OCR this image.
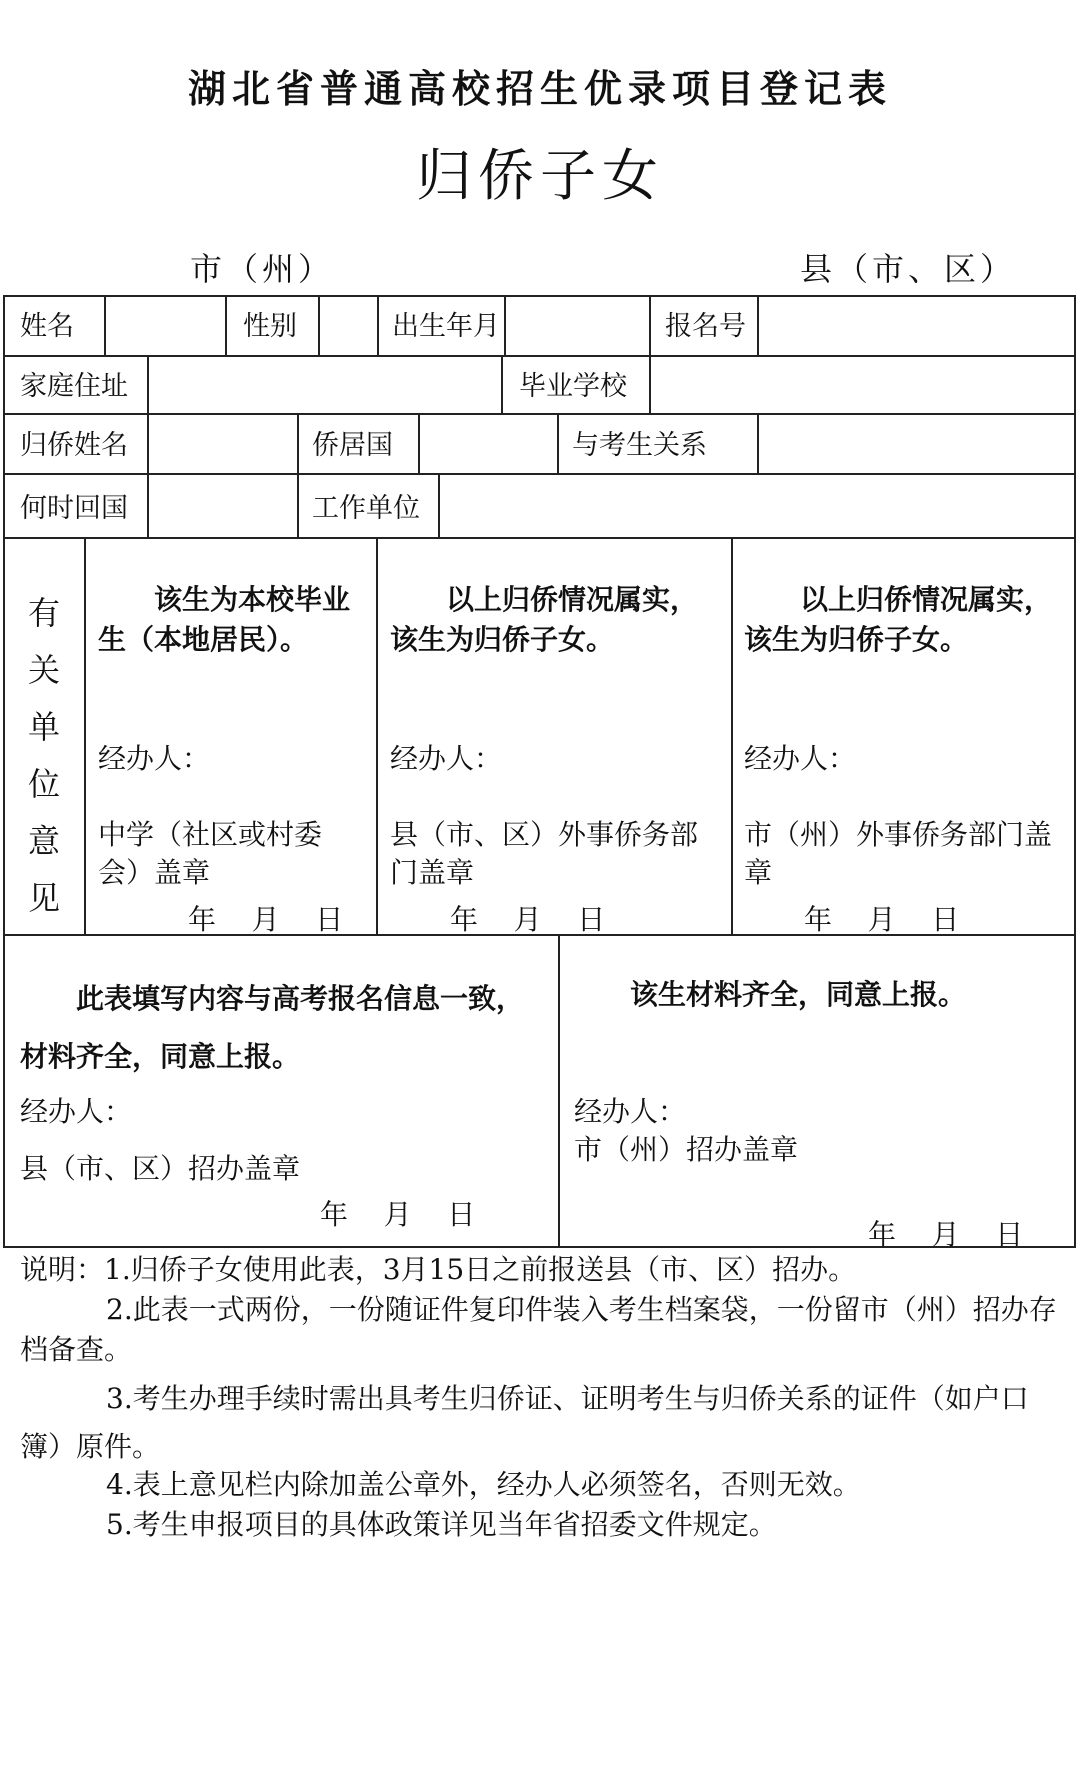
湖北省普通高校招生优录项目登记表
归侨子女
市（州）	县（市、区）
姓名	性别	出生年月	报名号
家庭住址	毕业学校
归侨姓名	侨居国	与考生关系
何时回国	工作单位
有关单位意见
该生为本校毕业生（本地居民）。
经办人：
中学（社区或村委会）盖章
年    月    日
以上归侨情况属实，该生为归侨子女。
经办人：
县（市、区）外事侨务部门盖章
年    月    日
以上归侨情况属实，该生为归侨子女。
经办人：
市（州）外事侨务部门盖章
年    月    日
此表填写内容与高考报名信息一致，材料齐全，同意上报。
经办人：
县（市、区）招办盖章
年    月    日
该生材料齐全，同意上报。
经办人：
市（州）招办盖章
年    月    日
说明：1.归侨子女使用此表，3月15日之前报送县（市、区）招办。
2.此表一式两份，一份随证件复印件装入考生档案袋，一份留市（州）招办存档备查。
3.考生办理手续时需出具考生归侨证、证明考生与归侨关系的证件（如户口簿）原件。
4.表上意见栏内除加盖公章外，经办人必须签名，否则无效。
5.考生申报项目的具体政策详见当年省招委文件规定。
